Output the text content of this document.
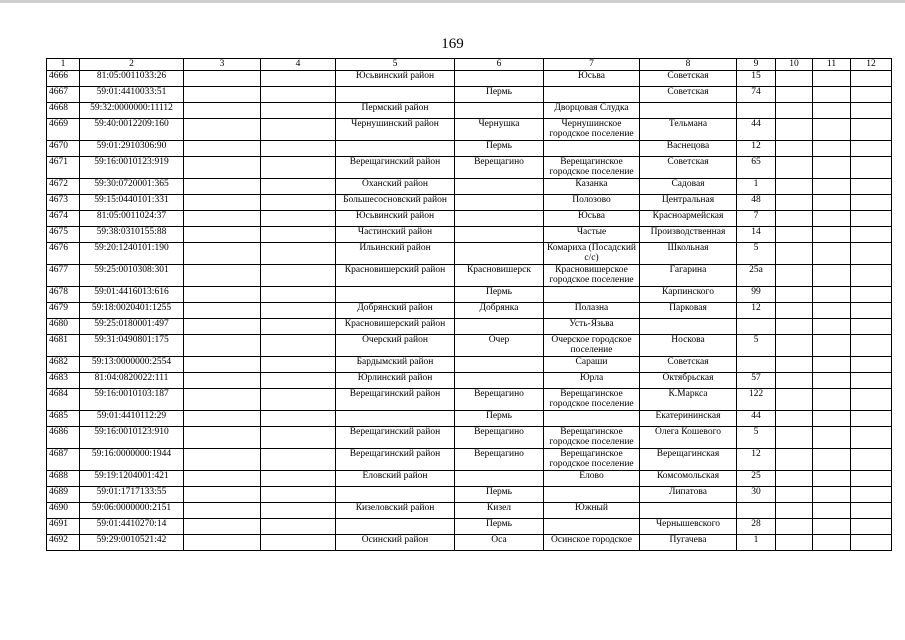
169
1	2	3	4	5	6	7	8	9	10	11	12
4666	81:05:0011033:26			Юсьвинский район		Юсьва	Советская	15			
4667	59:01:4410033:51				Пермь		Советская	74			
4668	59:32:0000000:11112			Пермский район		Дворцовая Слудка					
4669	59:40:0012209:160			Чернушинский район	Чернушка	Чернушинское городское поселение	Тельмана	44			
4670	59:01:2910306:90				Пермь		Васнецова	12			
4671	59:16:0010123:919			Верещагинский район	Верещагино	Верещагинское городское поселение	Советская	65			
4672	59:30:0720001:365			Оханский район		Казанка	Садовая	1			
4673	59:15:0440101:331			Большесосновский район		Полозово	Центральная	48			
4674	81:05:0011024:37			Юсьвинский район		Юсьва	Красноармейская	7			
4675	59:38:0310155:88			Частинский район		Частые	Производственная	14			
4676	59:20:1240101:190			Ильинский район		Комариха (Посадский с/с)	Школьная	5			
4677	59:25:0010308:301			Красновишерский район	Красновишерск	Красновишерское городское поселение	Гагарина	25а			
4678	59:01:4416013:616				Пермь		Карпинского	99			
4679	59:18:0020401:1255			Добрянский район	Добрянка	Полазна	Парковая	12			
4680	59:25:0180001:497			Красновишерский район		Усть-Язьва					
4681	59:31:0490801:175			Очерский район	Очер	Очерское городское поселение	Носкова	5			
4682	59:13:0000000:2554			Бардымский район		Сараши	Советская				
4683	81:04:0820022:111			Юрлинский район		Юрла	Октябрьская	57			
4684	59:16:0010103:187			Верещагинский район	Верещагино	Верещагинское городское поселение	К.Маркса	122			
4685	59:01:4410112:29				Пермь		Екатерининская	44			
4686	59:16:0010123:910			Верещагинский район	Верещагино	Верещагинское городское поселение	Олега Кошевого	5			
4687	59:16:0000000:1944			Верещагинский район	Верещагино	Верещагинское городское поселение	Верещагинская	12			
4688	59:19:1204001:421			Еловский район		Елово	Комсомольская	25			
4689	59:01:1717133:55				Пермь		Липатова	30			
4690	59:06:0000000:2151			Кизеловский район	Кизел	Южный					
4691	59:01:4410270:14				Пермь		Чернышевского	28			
4692	59:29:0010521:42			Осинский район	Оса	Осинское городское	Пугачева	1			
